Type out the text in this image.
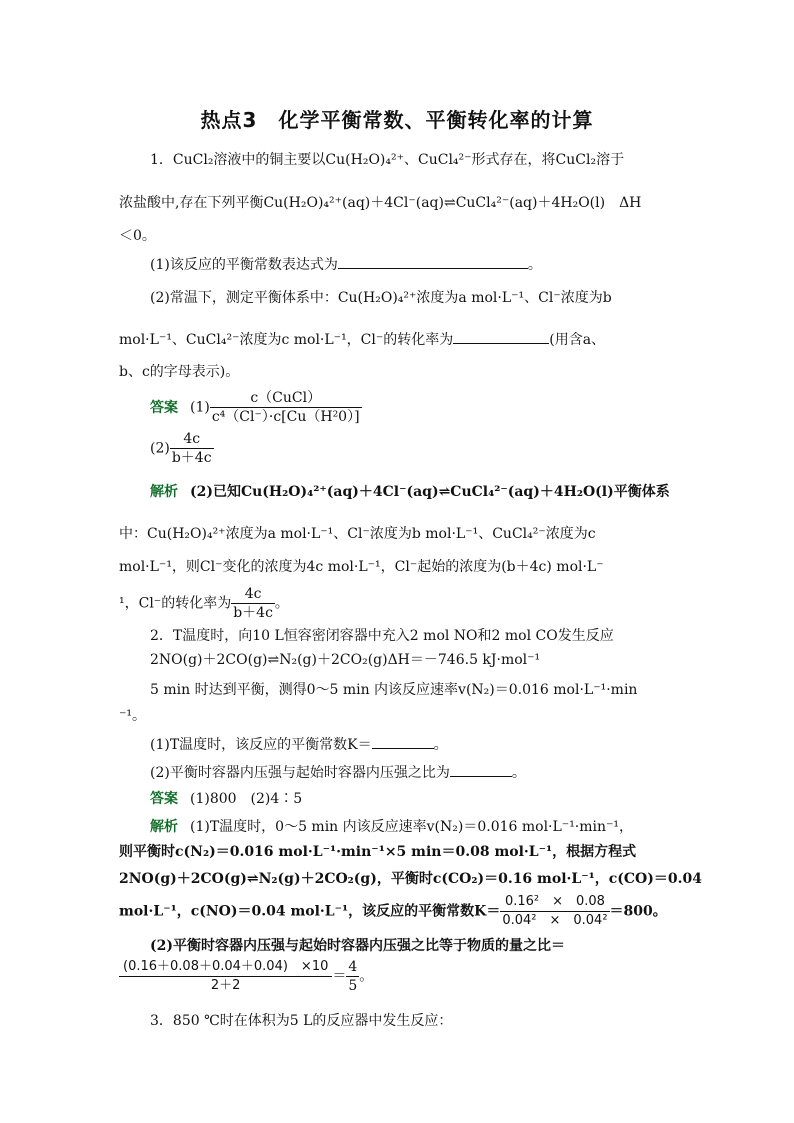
热点3　化学平衡常数、平衡转化率的计算
1．CuCl₂溶液中的铜主要以Cu(H₂O)₄²⁺、CuCl₄²⁻形式存在，将CuCl₂溶于
浓盐酸中,存在下列平衡Cu(H₂O)₄²⁺(aq)＋4Cl⁻(aq)⇌CuCl₄²⁻(aq)＋4H₂O(l)　ΔH
＜0。
(1)该反应的平衡常数表达式为	。
(2)常温下，测定平衡体系中：Cu(H₂O)₄²⁺浓度为a mol·L⁻¹、Cl⁻浓度为b
mol·L⁻¹、CuCl₄²⁻浓度为c mol·L⁻¹，Cl⁻的转化率为	(用含a、
b、c的字母表示)。
答案 $(1) \frac{\text{c（CuCl）}}{\text{c⁴（Cl⁻）·c[Cu（H²0）]}}$
$(2) \frac{4c}{b+4c}$
解析 (2)已知Cu(H₂O)₄²⁺(aq)＋4Cl⁻(aq)⇌CuCl₄²⁻(aq)＋4H₂O(l)平衡体系
中：Cu(H₂O)₄²⁺浓度为a mol·L⁻¹、Cl⁻浓度为b mol·L⁻¹、CuCl₄²⁻浓度为c
mol·L⁻¹，则Cl⁻变化的浓度为4c mol·L⁻¹，Cl⁻起始的浓度为(b＋4c) mol·L⁻
¹，Cl⁻的转化率为 $\frac{4c}{b+4c}$ 。
2．T温度时，向10 L恒容密闭容器中充入2 mol NO和2 mol CO发生反应
2NO(g)＋2CO(g)⇌N₂(g)＋2CO₂(g)ΔH＝－746.5 kJ·mol⁻¹
5 min 时达到平衡，测得0～5 min 内该反应速率v(N₂)＝0.016 mol·L⁻¹·min
⁻¹。
(1)T温度时，该反应的平衡常数K＝	。
(2)平衡时容器内压强与起始时容器内压强之比为	。
答案 (1)800　(2)4∶5
解析 (1)T温度时，0～5 min 内该反应速率v(N₂)＝0.016 mol·L⁻¹·min⁻¹，
则平衡时c(N₂)＝0.016 mol·L⁻¹·min⁻¹×5 min＝0.08 mol·L⁻¹，根据方程式
2NO(g)＋2CO(g)⇌N₂(g)＋2CO₂(g)，平衡时c(CO₂)＝0.16 mol·L⁻¹，c(CO)＝0.04
mol·L⁻¹，c(NO)＝0.04 mol·L⁻¹，该反应的平衡常数$K= \frac{\text{0.16²　×　0.08}}{\text{0.04²　×　0.04²}} =800$。
(2)平衡时容器内压强与起始时容器内压强之比等于物质的量之比＝
$\frac{(0.16+0.08+0.04+0.04) \times 10}{2+2} = \frac{4}{5}$ 。
3．850 ℃时在体积为5 L的反应器中发生反应：
